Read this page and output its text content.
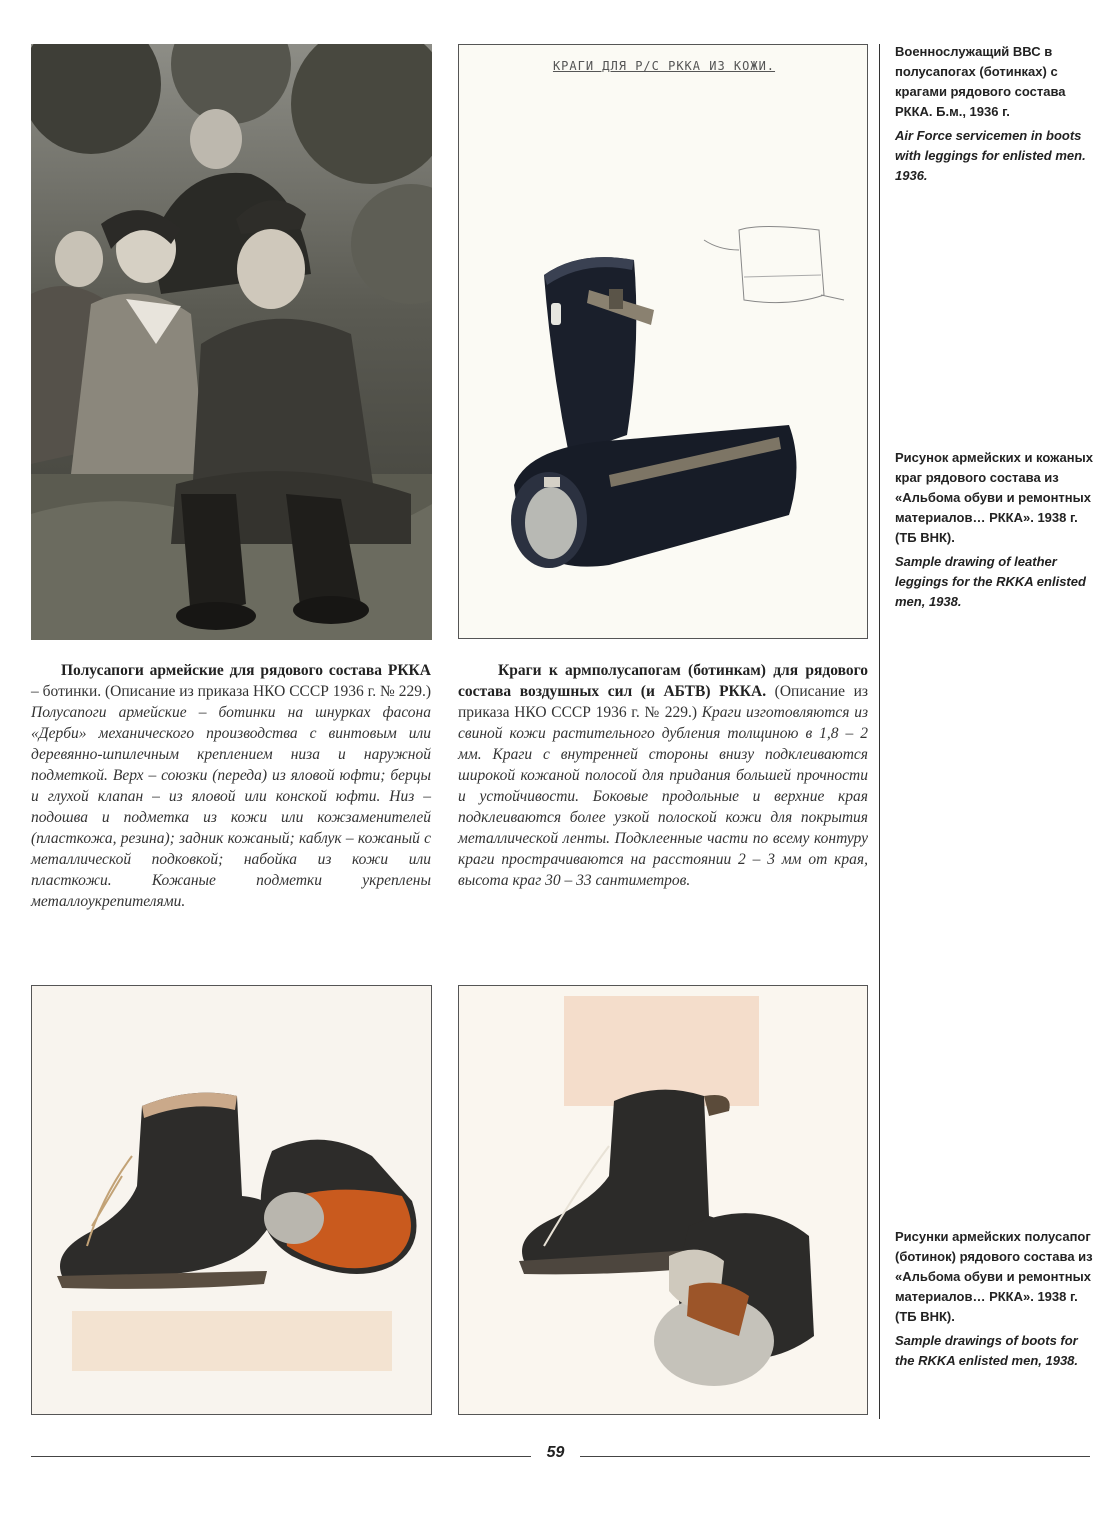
КРАГИ ДЛЯ Р/С РККА ИЗ КОЖИ.

Полусапоги армейские для рядового состава РККА – ботинки. (Описание из приказа НКО СССР 1936 г. № 229.) Полусапоги армейские – ботинки на шнурках фасона «Дерби» механического производства с винтовым или деревянно-шпилечным креплением низа и наружной подметкой. Верх – союзки (переда) из яловой юфти; берцы и глухой клапан – из яловой или конской юфти. Низ – подошва и подметка из кожи или кожзаменителей (пласткожа, резина); задник кожаный; каблук – кожаный с металлической подковкой; набойка из кожи или пласткожи. Кожаные подметки укреплены металлоукрепителями.

Краги к армполусапогам (ботинкам) для рядового состава воздушных сил (и АБТВ) РККА. (Описание из приказа НКО СССР 1936 г. № 229.) Краги изготовляются из свиной кожи растительного дубления толщиною в 1,8 – 2 мм. Краги с внутренней стороны внизу подклеиваются широкой кожаной полосой для придания большей прочности и устойчивости. Боковые продольные и верхние края подклеиваются более узкой полоской кожи для покрытия металлической ленты. Подклеенные части по всему контуру краги прострачиваются на расстоянии 2 – 3 мм от края, высота краг 30 – 33 сантиметров.

Военнослужащий ВВС в полусапогах (ботинках) с крагами рядового состава РККА. Б.м., 1936 г.

Air Force servicemen in boots with leggings for enlisted men. 1936.

Рисунок армейских и кожаных краг рядового состава из «Альбома обуви и ремонтных материалов… РККА». 1938 г. (ТБ ВНК).

Sample drawing of leather leggings for the RKKA enlisted men, 1938.

Рисунки армейских полусапог (ботинок) рядового состава из «Альбома обуви и ремонтных материалов… РККА». 1938 г. (ТБ ВНК).

Sample drawings of boots for the RKKA enlisted men, 1938.

59
